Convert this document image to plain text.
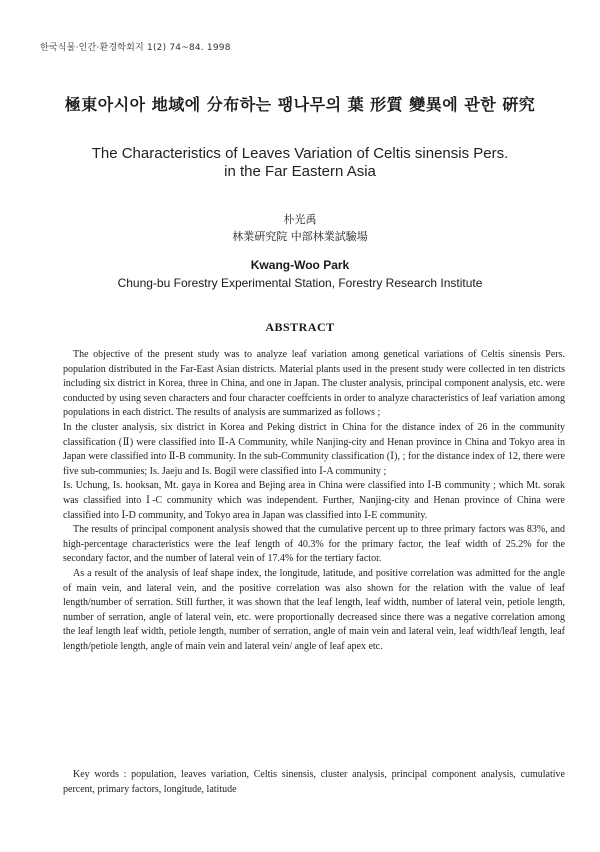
한국식물·인간·환경학회지 1(2) 74~84. 1998
極東아시아 地域에 分布하는 팽나무의 葉 形質 變異에 관한 硏究
The Characteristics of Leaves Variation of Celtis sinensis Pers.
in the Far Eastern Asia
朴光禹
林業硏究院 中部林業試驗場
Kwang-Woo Park
Chung-bu Forestry Experimental Station, Forestry Research Institute
ABSTRACT

The objective of the present study was to analyze leaf variation among genetical variations of Celtis sinensis Pers. population distributed in the Far-East Asian districts. Material plants used in the present study were collected in ten districts including six district in Korea, three in China, and one in Japan. The cluster analysis, principal component analysis, etc. were conducted by using seven characters and four character coeffcients in order to analyze characteristics of leaf variation among populations in each district. The results of analysis are summarized as follows ;

In the cluster analysis, six district in Korea and Peking district in China for the distance index of 26 in the community classification (Ⅱ) were classified into Ⅱ-A Community, while Nanjing-city and Henan province in China and Tokyo area in Japan were classified into Ⅱ-B community. In the sub-Community classification (Ⅰ), ; for the distance index of 12, there were five sub-communies; Is. Jaeju and Is. Bogil were classified into Ⅰ-A community ;

Is. Uchung, Is. hooksan, Mt. gaya in Korea and Bejing area in China were classified into Ⅰ-B community ; which Mt. sorak was classified into Ⅰ-C community which was independent. Further, Nanjing-city and Henan province of China were classified into Ⅰ-D community, and Tokyo area in Japan was classified into Ⅰ-E community.

The results of principal component analysis showed that the cumulative percent up to three primary factors was 83%, and high-percentage characteristics were the leaf length of 40.3% for the primary factor, the leaf width of 25.2% for the secondary factor, and the number of lateral vein of 17.4% for the tertiary factor.

As a result of the analysis of leaf shape index, the longitude, latitude, and positive correlation was admitted for the angle of main vein, and lateral vein, and the positive correlation was also shown for the relation with the value of leaf length/number of serration. Still further, it was shown that the leaf length, leaf width, number of lateral vein, petiole length, number of serration, angle of lateral vein, etc. were proportionally decreased since there was a negative correlation among the leaf length leaf width, petiole length, number of serration, angle of main vein and lateral vein, leaf width/leaf length, leaf length/petiole length, angle of main vein and lateral vein/ angle of leaf apex etc.

Key words : population, leaves variation, Celtis sinensis, cluster analysis, principal component analysis, cumulative percent, primary factors, longitude, latitude
